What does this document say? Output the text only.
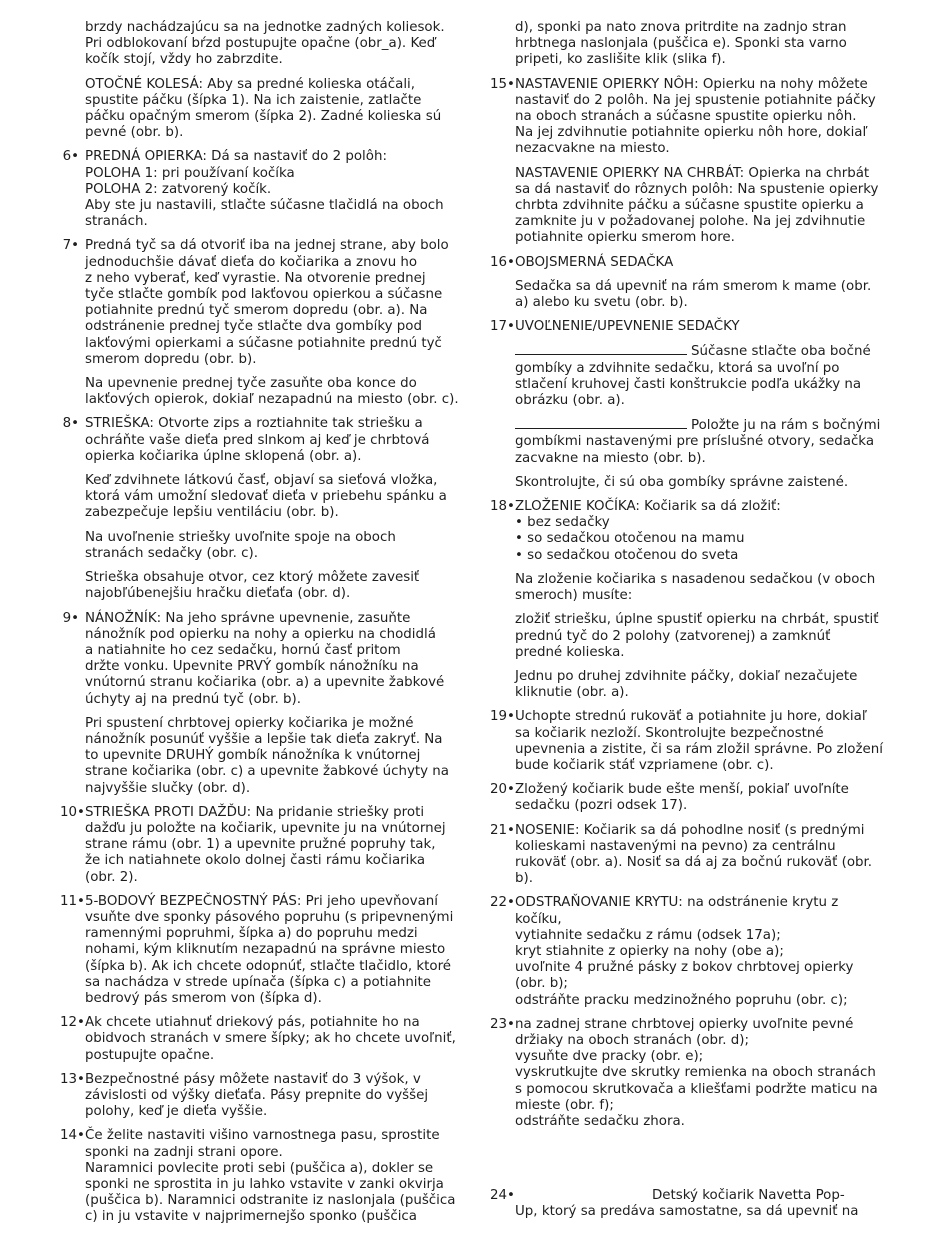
brzdy nachádzajúcu sa na jednotke zadných koliesok.
Pri odblokovaní bŕzd postupujte opačne (obr_a). Keď
kočík stojí, vždy ho zabrzdite.
OTOČNÉ KOLESÁ: Aby sa predné kolieska otáčali,
spustite páčku (šípka 1). Na ich zaistenie, zatlačte
páčku opačným smerom (šípka 2). Zadné kolieska sú
pevné (obr. b).
6• PREDNÁ OPIERKA: Dá sa nastaviť do 2 polôh:
POLOHA 1: pri používaní kočíka
POLOHA 2: zatvorený kočík.
Aby ste ju nastavili, stlačte súčasne tlačidlá na oboch
stranách.
7• Predná tyč sa dá otvoriť iba na jednej strane, aby bolo
jednoduchšie dávať dieťa do kočiarika a znovu ho
z neho vyberať, keď vyrastie. Na otvorenie prednej
tyče stlačte gombík pod lakťovou opierkou a súčasne
potiahnite prednú tyč smerom dopredu (obr. a). Na
odstránenie prednej tyče stlačte dva gombíky pod
lakťovými opierkami a súčasne potiahnite prednú tyč
smerom dopredu (obr. b).
Na upevnenie prednej tyče zasuňte oba konce do
lakťových opierok, dokiaľ nezapadnú na miesto (obr. c).
8• STRIEŠKA: Otvorte zips a roztiahnite tak striešku a
ochráňte vaše dieťa pred slnkom aj keď je chrbtová
opierka kočiarika úplne sklopená (obr. a).
Keď zdvihnete látkovú časť, objaví sa sieťová vložka,
ktorá vám umožní sledovať dieťa v priebehu spánku a
zabezpečuje lepšiu ventiláciu (obr. b).
Na uvoľnenie striešky uvoľnite spoje na oboch
stranách sedačky (obr. c).
Strieška obsahuje otvor, cez ktorý môžete zavesiť
najobľúbenejšiu hračku dieťaťa (obr. d).
9• NÁNOŽNÍK: Na jeho správne upevnenie, zasuňte
nánožník pod opierku na nohy a opierku na chodidlá
a natiahnite ho cez sedačku, hornú časť pritom
držte vonku. Upevnite PRVÝ gombík nánožníku na
vnútornú stranu kočiarika (obr. a) a upevnite žabkové
úchyty aj na prednú tyč (obr. b).
Pri spustení chrbtovej opierky kočiarika je možné
nánožník posunúť vyššie a lepšie tak dieťa zakryť. Na
to upevnite DRUHÝ gombík nánožníka k vnútornej
strane kočiarika (obr. c) a upevnite žabkové úchyty na
najvyššie slučky (obr. d).
10• STRIEŠKA PROTI DAŽĎU: Na pridanie striešky proti
dažďu ju položte na kočiarik, upevnite ju na vnútornej
strane rámu (obr. 1) a upevnite pružné popruhy tak,
že ich natiahnete okolo dolnej časti rámu kočiarika
(obr. 2).
11• 5-BODOVÝ BEZPEČNOSTNÝ PÁS: Pri jeho upevňovaní
vsuňte dve sponky pásového popruhu (s pripevnenými
ramennými popruhmi, šípka a) do popruhu medzi
nohami, kým kliknutím nezapadnú na správne miesto
(šípka b). Ak ich chcete odopnúť, stlačte tlačidlo, ktoré
sa nachádza v strede upínača (šípka c) a potiahnite
bedrový pás smerom von (šípka d).
12• Ak chcete utiahnuť driekový pás, potiahnite ho na
obidvoch stranách v smere šípky; ak ho chcete uvoľniť,
postupujte opačne.
13• Bezpečnostné pásy môžete nastaviť do 3 výšok, v
závislosti od výšky dieťaťa. Pásy prepnite do vyššej
polohy, keď je dieťa vyššie.
14• Če želite nastaviti višino varnostnega pasu, sprostite
sponki na zadnji strani opore.
Naramnici povlecite proti sebi (puščica a), dokler se
sponki ne sprostita in ju lahko vstavite v zanki okvirja
(puščica b). Naramnici odstranite iz naslonjala (puščica
c) in ju vstavite v najprimernejšo sponko (puščica
d), sponki pa nato znova pritrdite na zadnjo stran
hrbtnega naslonjala (puščica e). Sponki sta varno
pripeti, ko zaslišite klik (slika f).
15• NASTAVENIE OPIERKY NÔH: Opierku na nohy môžete
nastaviť do 2 polôh. Na jej spustenie potiahnite páčky
na oboch stranách a súčasne spustite opierku nôh.
Na jej zdvihnutie potiahnite opierku nôh hore, dokiaľ
nezacvakne na miesto.
NASTAVENIE OPIERKY NA CHRBÁT: Opierka na chrbát
sa dá nastaviť do rôznych polôh: Na spustenie opierky
chrbta zdvihnite páčku a súčasne spustite opierku a
zamknite ju v požadovanej polohe. Na jej zdvihnutie
potiahnite opierku smerom hore.
16• OBOJSMERNÁ SEDAČKA
Sedačka sa dá upevniť na rám smerom k mame (obr.
a) alebo ku svetu (obr. b).
17• UVOĽNENIE/UPEVNENIE SEDAČKY
Súčasne stlačte oba bočné
gombíky a zdvihnite sedačku, ktorá sa uvoľní po
stlačení kruhovej časti konštrukcie podľa ukážky na
obrázku (obr. a).
Položte ju na rám s bočnými
gombíkmi nastavenými pre príslušné otvory, sedačka
zacvakne na miesto (obr. b).
Skontrolujte, či sú oba gombíky správne zaistené.
18• ZLOŽENIE KOČÍKA: Kočiarik sa dá zložiť:
• bez sedačky
• so sedačkou otočenou na mamu
• so sedačkou otočenou do sveta
Na zloženie kočiarika s nasadenou sedačkou (v oboch
smeroch) musíte:
zložiť striešku, úplne spustiť opierku na chrbát, spustiť
prednú tyč do 2 polohy (zatvorenej) a zamknúť
predné kolieska.
Jednu po druhej zdvihnite páčky, dokiaľ nezačujete
kliknutie (obr. a).
19• Uchopte strednú rukoväť a potiahnite ju hore, dokiaľ
sa kočiarik nezloží. Skontrolujte bezpečnostné
upevnenia a zistite, či sa rám zložil správne. Po zložení
bude kočiarik stáť vzpriamene (obr. c).
20• Zložený kočiarik bude ešte menší, pokiaľ uvoľníte
sedačku (pozri odsek 17).
21• NOSENIE: Kočiarik sa dá pohodlne nosiť (s prednými
kolieskami nastavenými na pevno) za centrálnu
rukoväť (obr. a). Nosiť sa dá aj za bočnú rukoväť (obr.
b).
22• ODSTRAŇOVANIE KRYTU: na odstránenie krytu z
kočíku,
vytiahnite sedačku z rámu (odsek 17a);
kryt stiahnite z opierky na nohy (obe a);
uvoľnite 4 pružné pásky z bokov chrbtovej opierky
(obr. b);
odstráňte pracku medzinožného popruhu (obr. c);
23• na zadnej strane chrbtovej opierky uvoľnite pevné
držiaky na oboch stranách (obr. d);
vysuňte dve pracky (obr. e);
vyskrutkujte dve skrutky remienka na oboch stranách
s pomocou skrutkovača a kliešťami podržte maticu na
mieste (obr. f);
odstráňte sedačku zhora.
24•	Detský kočiarik Navetta Pop-
Up, ktorý sa predáva samostatne, sa dá upevniť na
